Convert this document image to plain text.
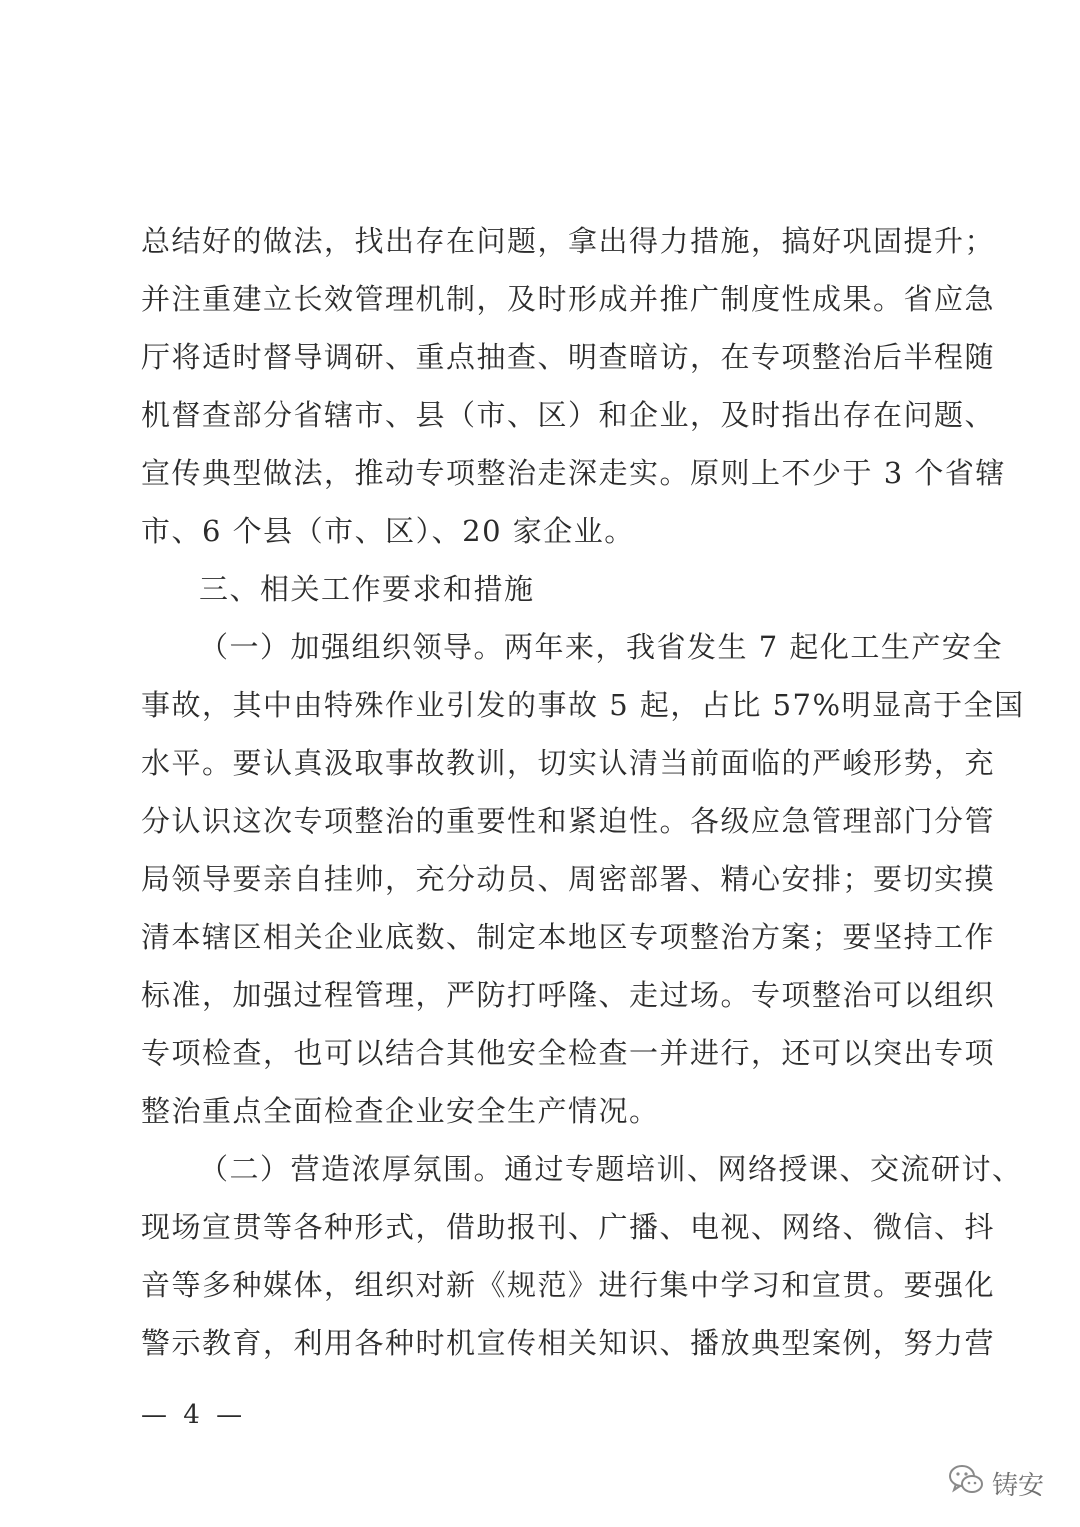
总结好的做法，找出存在问题，拿出得力措施，搞好巩固提升；
并注重建立长效管理机制，及时形成并推广制度性成果。省应急
厅将适时督导调研、重点抽查、明查暗访，在专项整治后半程随
机督查部分省辖市、县（市、区）和企业，及时指出存在问题、
宣传典型做法，推动专项整治走深走实。原则上不少于 3 个省辖
市、6 个县（市、区）、20 家企业。
三、相关工作要求和措施
（一）加强组织领导。两年来，我省发生 7 起化工生产安全
事故，其中由特殊作业引发的事故 5 起，占比 57%明显高于全国
水平。要认真汲取事故教训，切实认清当前面临的严峻形势，充
分认识这次专项整治的重要性和紧迫性。各级应急管理部门分管
局领导要亲自挂帅，充分动员、周密部署、精心安排；要切实摸
清本辖区相关企业底数、制定本地区专项整治方案；要坚持工作
标准，加强过程管理，严防打呼隆、走过场。专项整治可以组织
专项检查，也可以结合其他安全检查一并进行，还可以突出专项
整治重点全面检查企业安全生产情况。
（二）营造浓厚氛围。通过专题培训、网络授课、交流研讨、
现场宣贯等各种形式，借助报刊、广播、电视、网络、微信、抖
音等多种媒体，组织对新《规范》进行集中学习和宣贯。要强化
警示教育，利用各种时机宣传相关知识、播放典型案例，努力营
— 4 —
铸安
